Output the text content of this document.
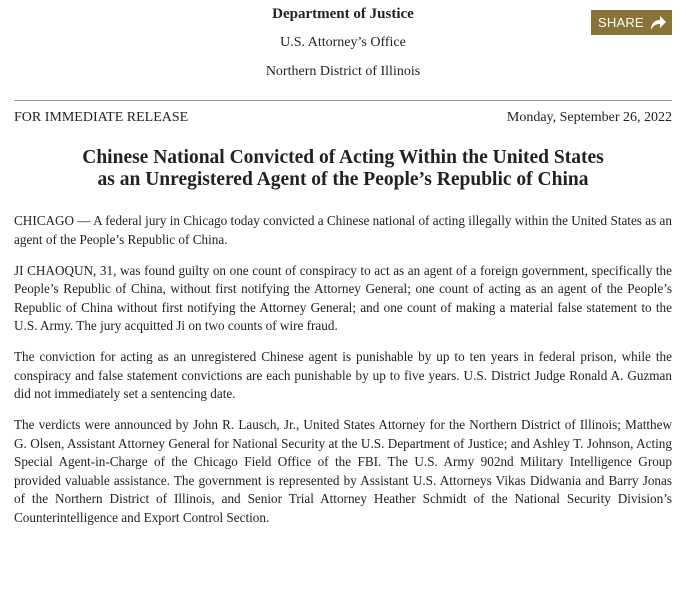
Department of Justice
U.S. Attorney’s Office
Northern District of Illinois
SHARE
FOR IMMEDIATE RELEASE	Monday, September 26, 2022
Chinese National Convicted of Acting Within the United States
as an Unregistered Agent of the People’s Republic of China

CHICAGO — A federal jury in Chicago today convicted a Chinese national of acting illegally within the United States as an agent of the People’s Republic of China.

JI CHAOQUN, 31, was found guilty on one count of conspiracy to act as an agent of a foreign government, specifically the People’s Republic of China, without first notifying the Attorney General; one count of acting as an agent of the People’s Republic of China without first notifying the Attorney General; and one count of making a material false statement to the U.S. Army. The jury acquitted Ji on two counts of wire fraud.

The conviction for acting as an unregistered Chinese agent is punishable by up to ten years in federal prison, while the conspiracy and false statement convictions are each punishable by up to five years. U.S. District Judge Ronald A. Guzman did not immediately set a sentencing date.

The verdicts were announced by John R. Lausch, Jr., United States Attorney for the Northern District of Illinois; Matthew G. Olsen, Assistant Attorney General for National Security at the U.S. Department of Justice; and Ashley T. Johnson, Acting Special Agent-in-Charge of the Chicago Field Office of the FBI. The U.S. Army 902nd Military Intelligence Group provided valuable assistance. The government is represented by Assistant U.S. Attorneys Vikas Didwania and Barry Jonas of the Northern District of Illinois, and Senior Trial Attorney Heather Schmidt of the National Security Division’s Counterintelligence and Export Control Section.
